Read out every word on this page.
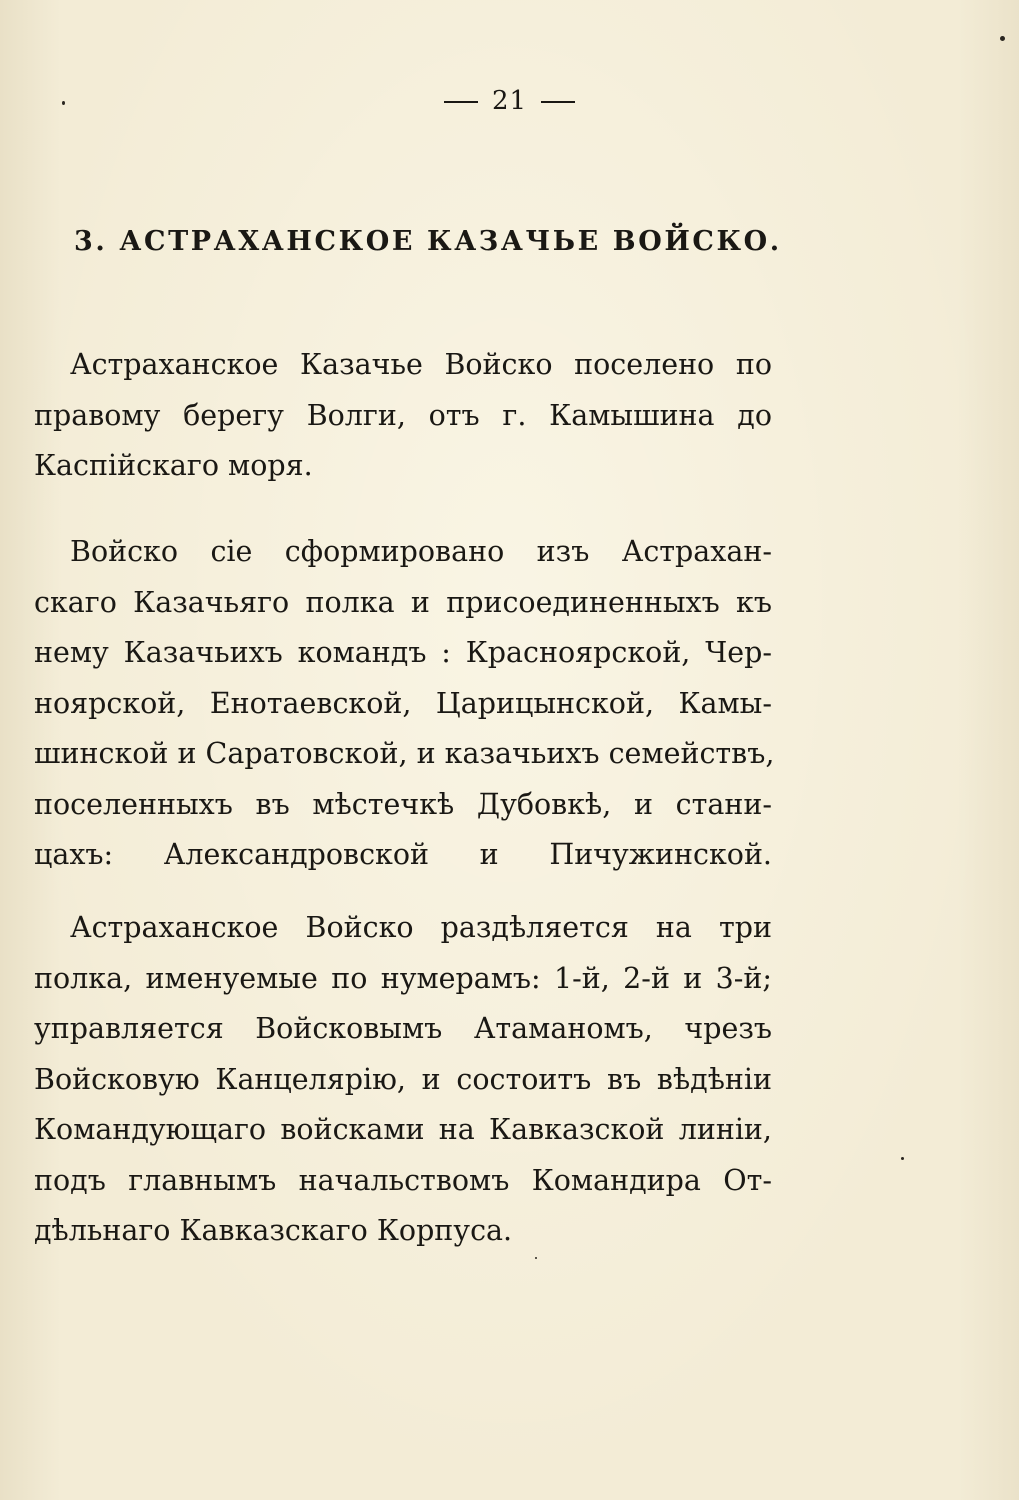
21
3. АСТРАХАНСКОЕ КАЗАЧЬЕ ВОЙСКО.
Астраханское Казачье Войско поселено по
правому берегу Волги, отъ г. Камышина до
Каспійскаго моря.
Войско сіе сформировано изъ Астрахан-
скаго Казачьяго полка и присоединенныхъ къ
нему Казачьихъ командъ : Красноярской, Чер-
ноярской, Енотаевской, Царицынской, Камы-
шинской и Саратовской, и казачьихъ семействъ,
поселенныхъ въ мѣстечкѣ Дубовкѣ, и стани-
цахъ: Александровской и Пичужинской.
Астраханское Войско раздѣляется на три
полка, именуемые по нумерамъ: 1-й, 2-й и 3-й;
управляется Войсковымъ Атаманомъ, чрезъ
Войсковую Канцелярію, и состоитъ въ вѣдѣніи
Командующаго войсками на Кавказской линіи,
подъ главнымъ начальствомъ Командира От-
дѣльнаго Кавказскаго Корпуса.
